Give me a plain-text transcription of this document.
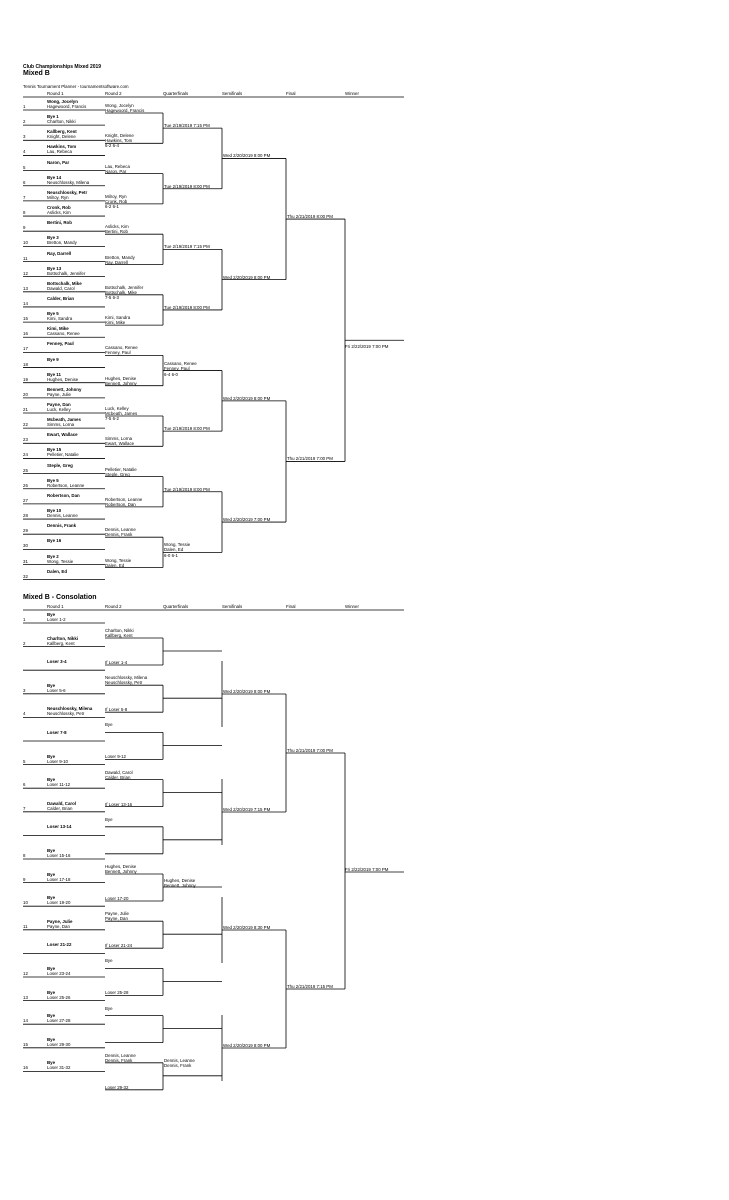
Club Championships Mixed 2019
Mixed B
Tennis Tournament Planner - tournamentsoftware.com
Round 1	Round 2	Quarterfinals	Semifinals	Final	Winner
Wong, Jocelyn
Hagewoord, Francis
1
Bye 1
Charlton, Nikki
2
Kallberg, Kent
Knight, Delene
3
Hawkins, Tom
Lau, Rebeca
4
Naron, Par
5
Bye 14
Neuschlossky, Milena
6
Neuschlossky, Petr
Milroy, Ryn
7
Cronk, Rob
Aslicks, Kim
8
Bertini, Rob
9
Bye 3
Bretton, Mandy
10
Ray, Darrell
11
Bye 13
Bottschalk, Jennifer
12
Bottschalk, Mike
Dawald, Carol
13
Calder, Brian
14
Bye 5
Kimi, Sandra
15
Kimi, Mike
Cassano, Renee
16
Fenney, Paul
17
Bye 9
18
Bye 11
Hughes, Denise
19
Bennett, Johnny
Payne, Julie
20
Payne, Dan
Luck, Kelley
21
Mcbeath, James
Simms, Lorna
22
Ewart, Wallace
23
Bye 15
Pelletier, Natalie
24
Steple, Greg
25
Bye 5
Robertson, Leanne
26
Robertson, Dan
27
Bye 10
Dennis, Leanne
28
Dennis, Frank
29
Bye 16
30
Bye 2
Wong, Tessie
31
Dalen, Ed
32
Wong, Jocelyn
Hagewoord, Francis
Knight, Delene
Hawkins, Tom
6-2 6-4
Lau, Rebeca
Naron, Par
Milroy, Ryn
Cronk, Rob
6-2 6-1
Aslicks, Kim
Bertini, Rob
Bretton, Mandy
Ray, Darrell
Bottschalk, Jennifer
Bottschalk, Mike
7-5 6-3
Kimi, Sandra
Kimi, Mike
Cassano, Renee
Fenney, Paul
Hughes, Denise
Bennett, Johnny
Luck, Kelley
Mcbeath, James
7-5 6-2
Simms, Lorna
Ewart, Wallace
Pelletier, Natalie
Steple, Greg
Robertson, Leanne
Robertson, Dan
Dennis, Leanne
Dennis, Frank
Wong, Tessie
Dalen, Ed
Tue 2/19/2019 7:15 PM
Tue 2/19/2019 8:00 PM
Tue 2/19/2019 7:15 PM
Tue 2/19/2019 8:00 PM
Cassano, Renee
Fenney, Paul
6-4 6-0
Tue 2/19/2019 8:00 PM
Tue 2/19/2019 8:00 PM
Wong, Tessie
Dalen, Ed
6-0 6-1
Wed 2/20/2019 8:00 PM
Wed 2/20/2019 8:00 PM
Wed 2/20/2019 8:00 PM
Wed 2/20/2019 7:00 PM
Thu 2/21/2019 8:00 PM
Thu 2/21/2019 7:00 PM
Fri 2/22/2019 7:00 PM
Mixed B - Consolation
Round 1	Round 2	Quarterfinals	Semifinals	Final	Winner
Bye
Loser 1-2
1
Charlton, Nikki
Kallberg, Kent
2
Loser 3-4
Bye
Loser 5-6
3
Neuschlossky, Milena
Neuschlossky, Petr
4
Loser 7-8
Bye
Loser 9-10
5
Bye
Loser 11-12
6
Dawald, Carol
Calder, Brian
7
Loser 13-14
Bye
Loser 15-16
8
Bye
Loser 17-18
9
Bye
Loser 19-20
10
Payne, Julie
Payne, Dan
11
Loser 21-22
Bye
Loser 23-24
12
Bye
Loser 25-26
13
Bye
Loser 27-28
14
Bye
Loser 29-30
15
Bye
Loser 31-32
16
Charlton, Nikki
Kallberg, Kent
If Loser 1-4
Neuschlossky, Milena
Neuschlossky, Petr
If Loser 5-8
Bye
Loser 9-12
Dawald, Carol
Calder, Brian
If Loser 13-16
Bye
Hughes, Denise
Bennett, Johnny
Loser 17-20
Payne, Julie
Payne, Dan
If Loser 21-24
Bye
Loser 25-28
Bye
Dennis, Leanne
Dennis, Frank
Loser 29-32
Hughes, Denise
Bennett, Johnny
Dennis, Leanne
Dennis, Frank
Wed 2/20/2019 8:00 PM
Wed 2/20/2019 7:15 PM
Wed 2/20/2019 8:30 PM
Wed 2/20/2019 8:00 PM
Thu 2/21/2019 7:00 PM
Thu 2/21/2019 7:15 PM
Fri 2/22/2019 7:00 PM
